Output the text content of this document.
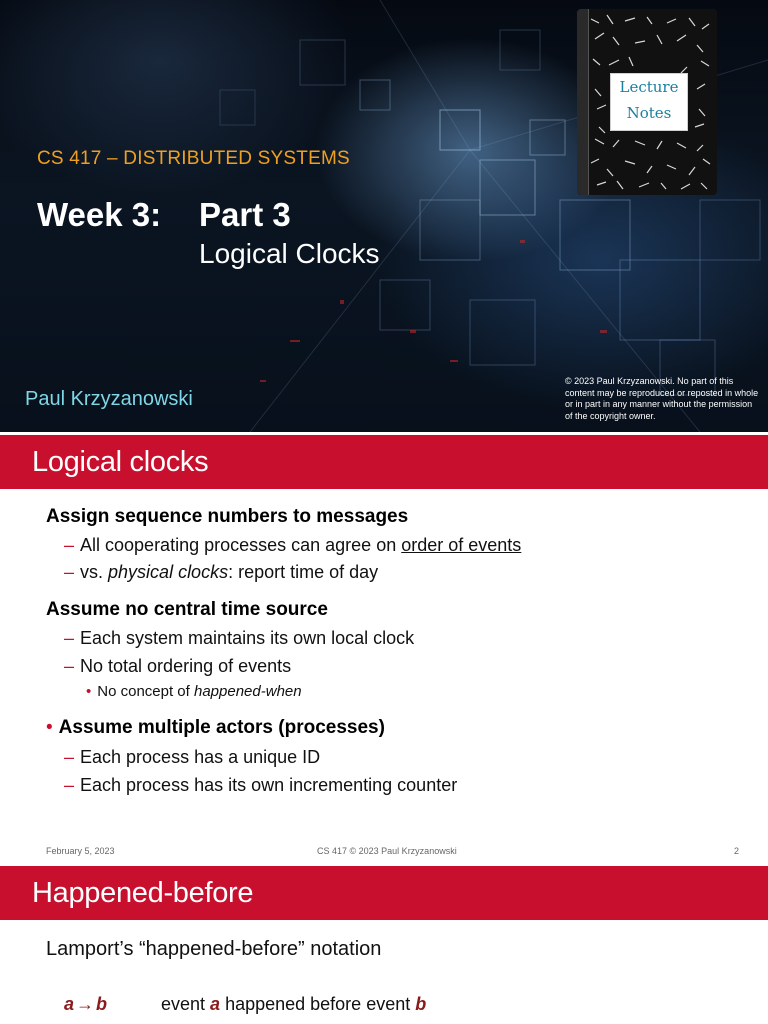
Lecture
Notes
CS 417 – DISTRIBUTED SYSTEMS
Week 3: Part 3
Logical Clocks
Paul Krzyzanowski
© 2023 Paul Krzyzanowski. No part of this content may be reproduced or reposted in whole or in part in any manner without the permission of the copyright owner.
Logical clocks
Assign sequence numbers to messages
– All cooperating processes can agree on order of events
– vs. physical clocks: report time of day
Assume no central time source
– Each system maintains its own local clock
– No total ordering of events
• No concept of happened-when
• Assume multiple actors (processes)
– Each process has a unique ID
– Each process has its own incrementing counter
February 5, 2023	CS 417 © 2023 Paul Krzyzanowski	2
Happened-before
Lamport’s “happened-before” notation
a → b	event a happened before event b
